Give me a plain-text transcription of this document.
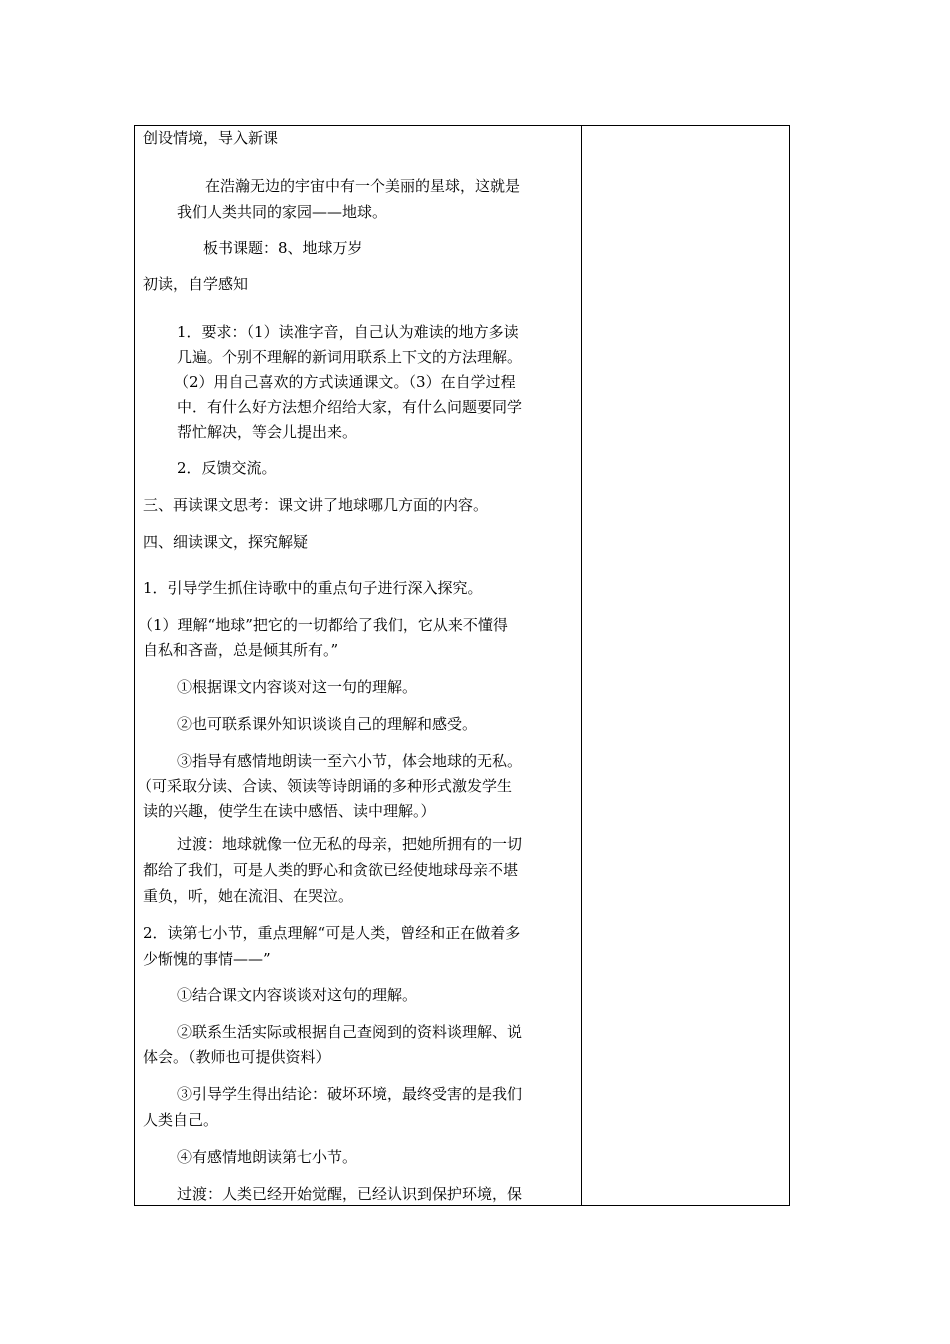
创设情境，导入新课
在浩瀚无边的宇宙中有一个美丽的星球，这就是
我们人类共同的家园——地球。
板书课题：8、地球万岁
初读，自学感知
1．要求：（1）读准字音，自己认为难读的地方多读
几遍。个别不理解的新词用联系上下文的方法理解。
（2）用自己喜欢的方式读通课文。（3）在自学过程
中．有什么好方法想介绍给大家，有什么问题要同学
帮忙解决，等会儿提出来。
2．反馈交流。
三、再读课文思考：课文讲了地球哪几方面的内容。
四、细读课文，探究解疑
1．引导学生抓住诗歌中的重点句子进行深入探究。
（1）理解“地球”把它的一切都给了我们，它从来不懂得
自私和吝啬，总是倾其所有。”
①根据课文内容谈对这一句的理解。
②也可联系课外知识谈谈自己的理解和感受。
③指导有感情地朗读一至六小节，体会地球的无私。
（可采取分读、合读、领读等诗朗诵的多种形式激发学生
读的兴趣，使学生在读中感悟、读中理解。）
过渡：地球就像一位无私的母亲，把她所拥有的一切
都给了我们，可是人类的野心和贪欲已经使地球母亲不堪
重负，听，她在流泪、在哭泣。
2．读第七小节，重点理解“可是人类，曾经和正在做着多
少惭愧的事情——”
①结合课文内容谈谈对这句的理解。
②联系生活实际或根据自己查阅到的资料谈理解、说
体会。（教师也可提供资料）
③引导学生得出结论：破坏环境，最终受害的是我们
人类自己。
④有感情地朗读第七小节。
过渡：人类已经开始觉醒，已经认识到保护环境，保
